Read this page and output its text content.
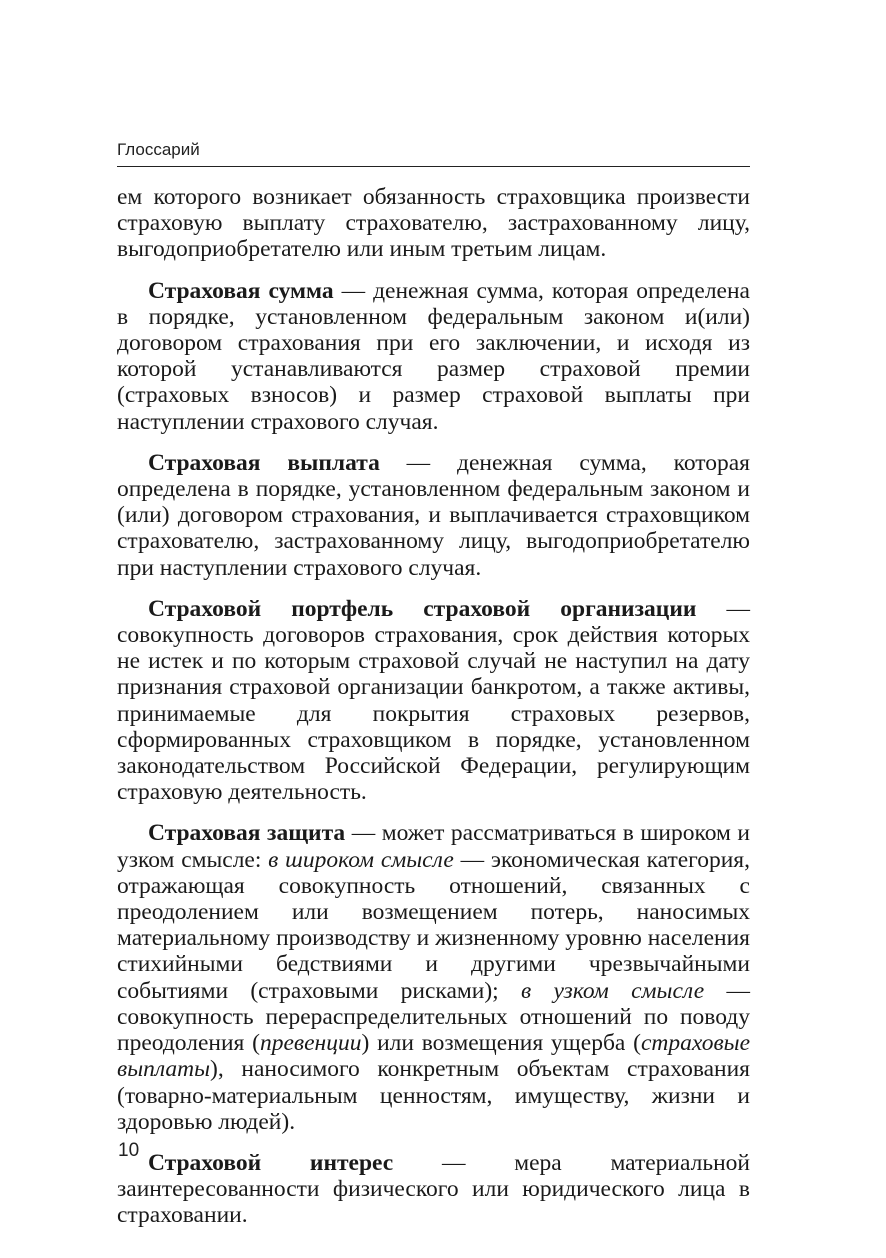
Глоссарий

ем которого возникает обязанность страховщика произвести страховую выплату страхователю, застрахованному лицу, выгодоприобретателю или иным третьим лицам.

Страховая сумма — денежная сумма, которая определена в порядке, установленном федеральным законом и(или) договором страхования при его заключении, и исходя из которой устанавливаются размер страховой премии (страховых взносов) и размер страховой выплаты при наступлении страхового случая.

Страховая выплата — денежная сумма, которая определена в порядке, установленном федеральным законом и (или) договором страхования, и выплачивается страховщиком страхователю, застрахованному лицу, выгодоприобретателю при наступлении страхового случая.

Страховой портфель страховой организации — совокупность договоров страхования, срок действия которых не истек и по которым страховой случай не наступил на дату признания страховой организации банкротом, а также активы, принимаемые для покрытия страховых резервов, сформированных страховщиком в порядке, установленном законодательством Российской Федерации, регулирующим страховую деятельность.

Страховая защита — может рассматриваться в широком и узком смысле: в широком смысле — экономическая категория, отражающая совокупность отношений, связанных с преодолением или возмещением потерь, наносимых материальному производству и жизненному уровню населения стихийными бедствиями и другими чрезвычайными событиями (страховыми рисками); в узком смысле — совокупность перераспределительных отношений по поводу преодоления (превенции) или возмещения ущерба (страховые выплаты), наносимого конкретным объектам страхования (товарно-материальным ценностям, имуществу, жизни и здоровью людей).

Страховой интерес — мера материальной заинтересованности физического или юридического лица в страховании.

10
